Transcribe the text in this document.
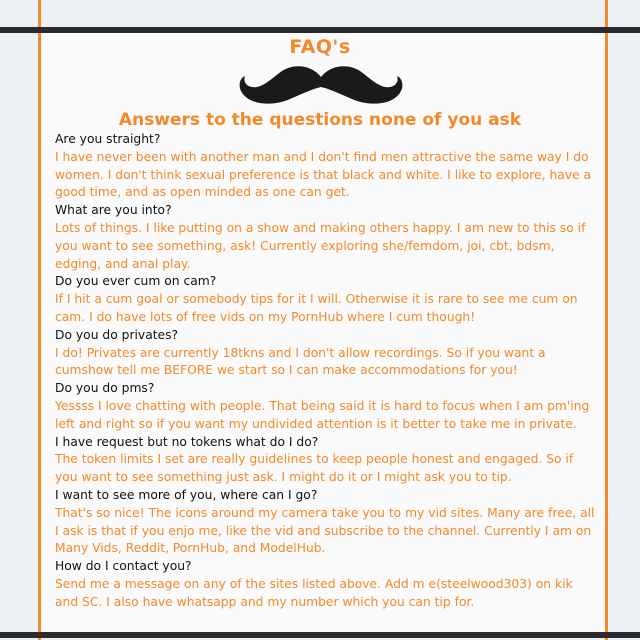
FAQ's
Answers to the questions none of you ask

Are you straight?

I have never been with another man and I don't find men attractive the same way I do women. I don't think sexual preference is that black and white. I like to explore, have a good time, and as open minded as one can get.

What are you into?

Lots of things. I like putting on a show and making others happy. I am new to this so if you want to see something, ask! Currently exploring she/femdom, joi, cbt, bdsm, edging, and anal play.

Do you ever cum on cam?

If I hit a cum goal or somebody tips for it I will. Otherwise it is rare to see me cum on cam. I do have lots of free vids on my PornHub where I cum though!

Do you do privates?

I do! Privates are currently 18tkns and I don't allow recordings. So if you want a cumshow tell me BEFORE we start so I can make accommodations for you!

Do you do pms?

Yessss I love chatting with people. That being said it is hard to focus when I am pm'ing left and right so if you want my undivided attention is it better to take me in private.

I have request but no tokens what do I do?

The token limits I set are really guidelines to keep people honest and engaged. So if you want to see something just ask. I might do it or I might ask you to tip.

I want to see more of you, where can I go?

That's so nice! The icons around my camera take you to my vid sites. Many are free, all I ask is that if you enjo me, like the vid and subscribe to the channel. Currently I am on Many Vids, Reddit, PornHub, and ModelHub.

How do I contact you?

Send me a message on any of the sites listed above. Add m e(steelwood303) on kik and SC. I also have whatsapp and my number which you can tip for.
